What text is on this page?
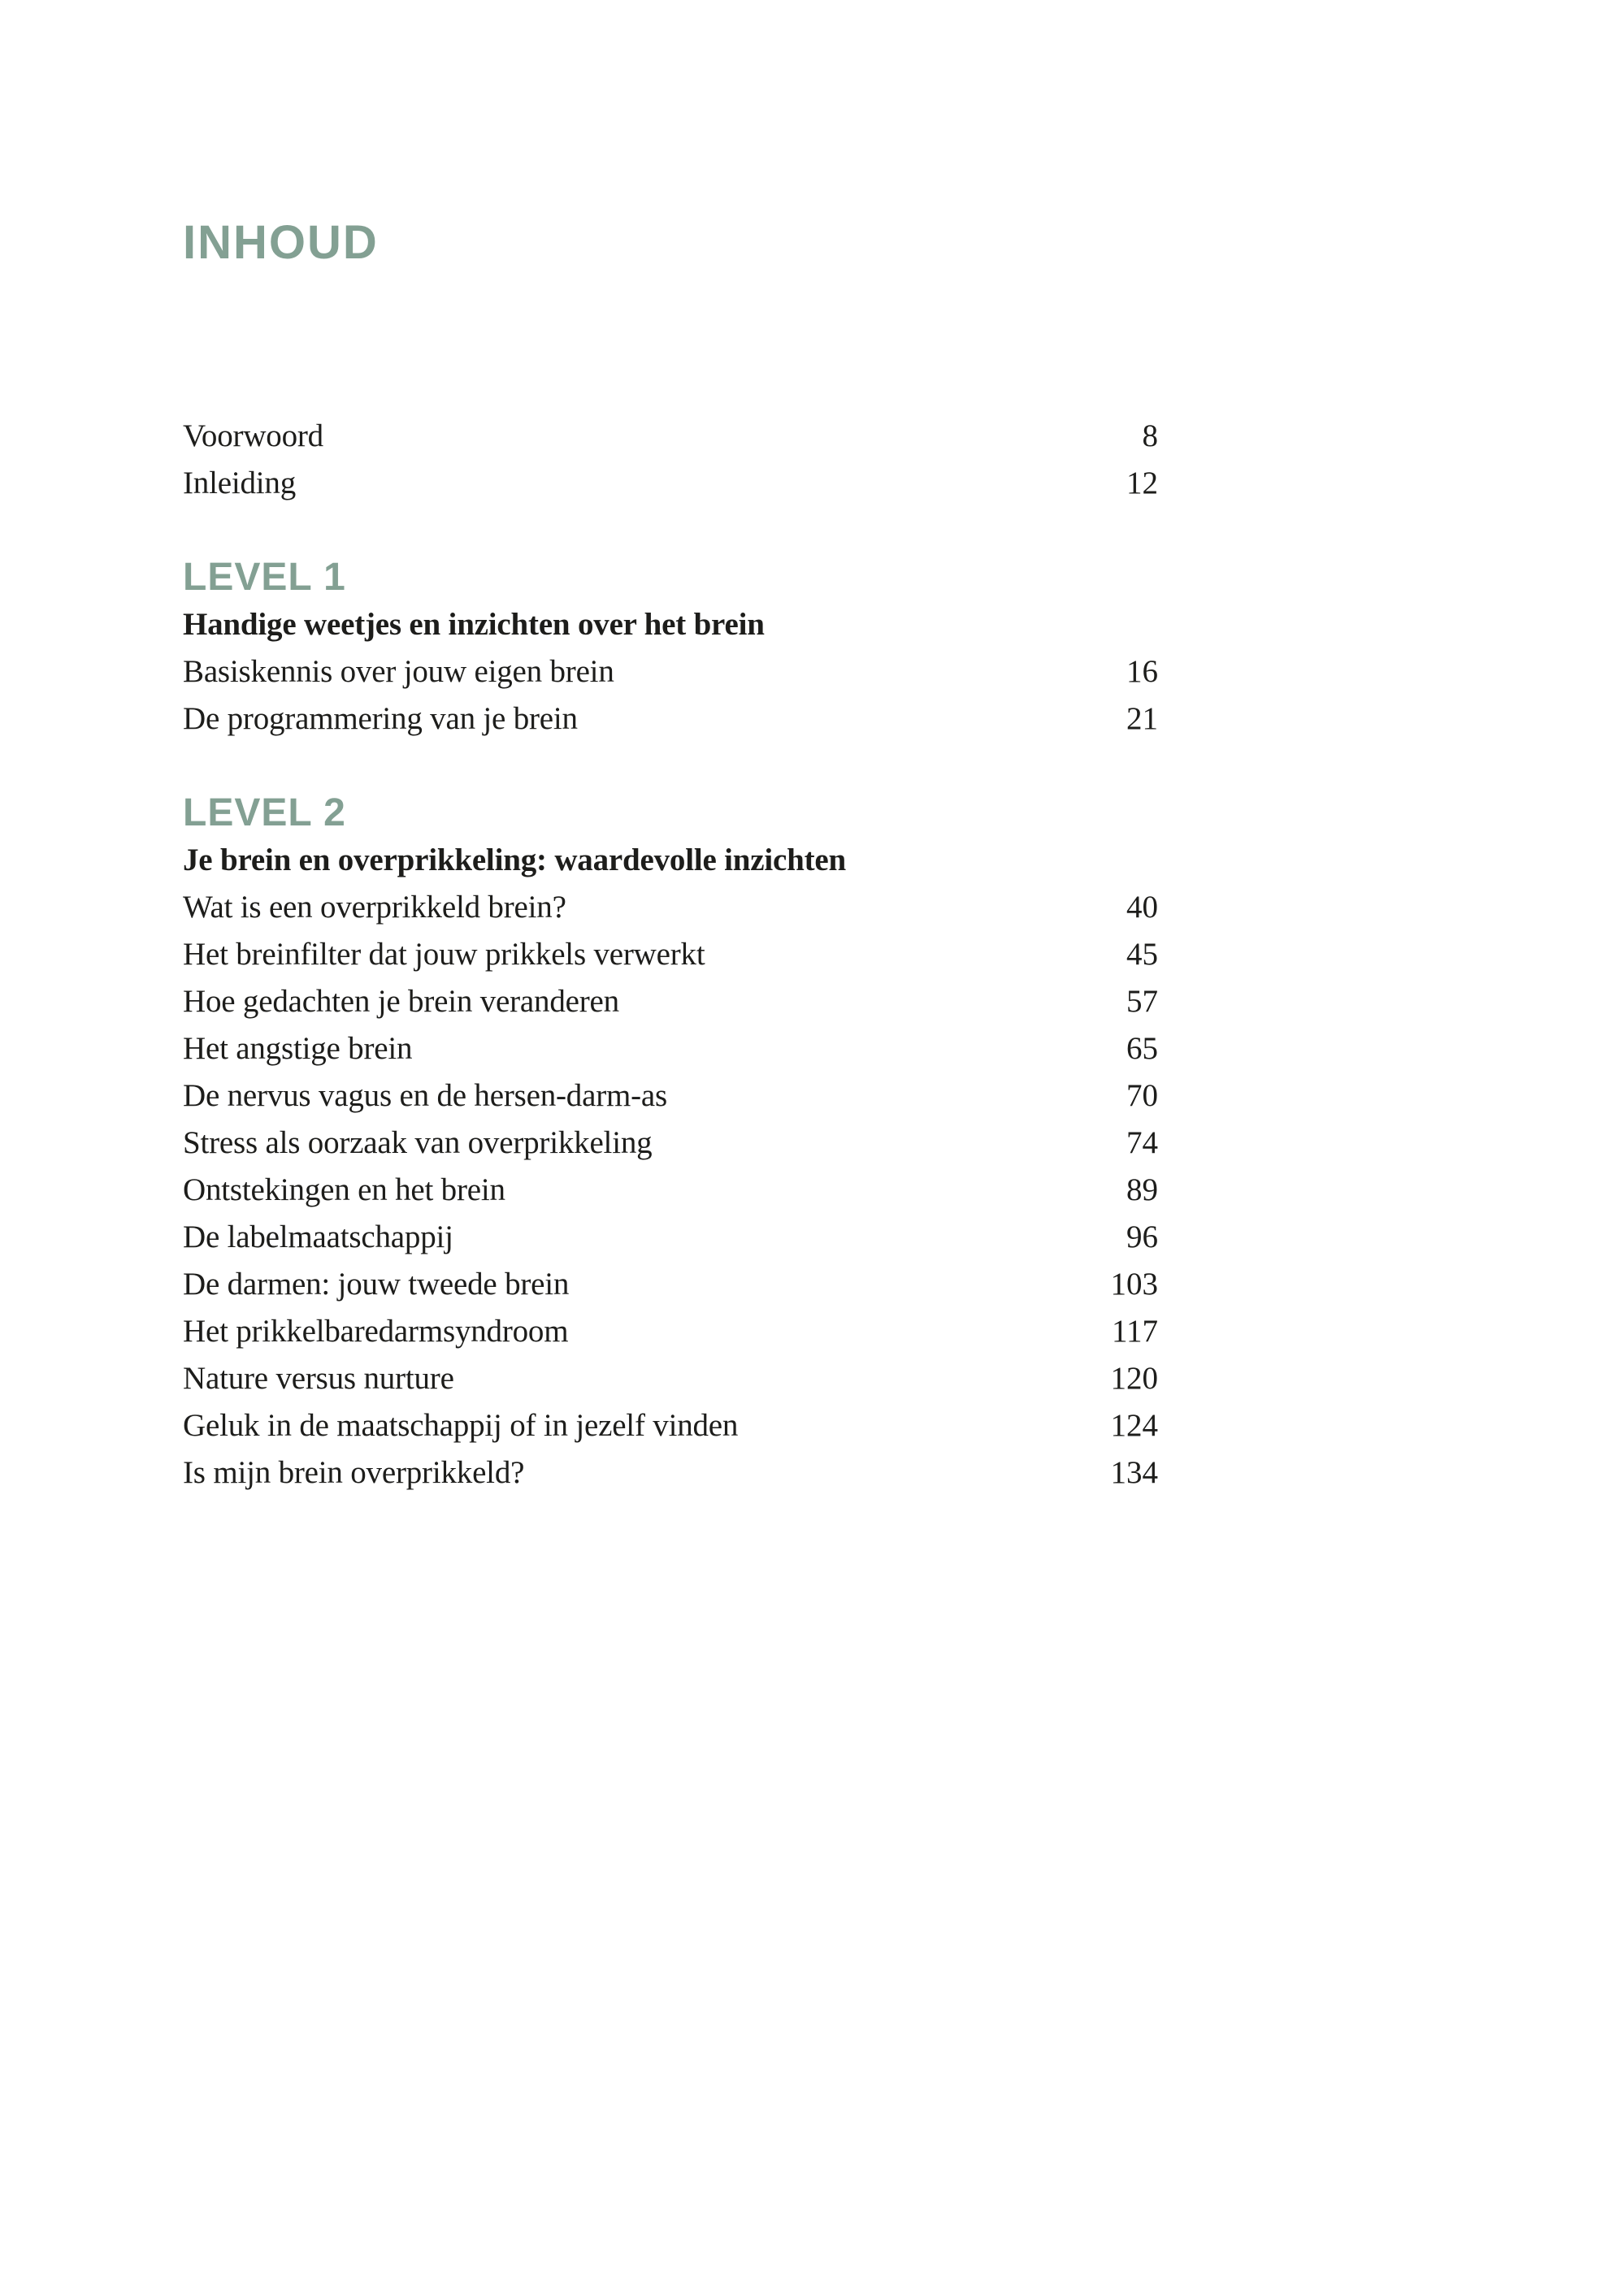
INHOUD
Voorwoord	8
Inleiding	12
LEVEL 1

Handige weetjes en inzichten over het brein

Basiskennis over jouw eigen brein	16
De programmering van je brein	21
LEVEL 2

Je brein en overprikkeling: waardevolle inzichten

Wat is een overprikkeld brein?	40
Het breinfilter dat jouw prikkels verwerkt	45
Hoe gedachten je brein veranderen	57
Het angstige brein	65
De nervus vagus en de hersen-darm-as	70
Stress als oorzaak van overprikkeling	74
Ontstekingen en het brein	89
De labelmaatschappij	96
De darmen: jouw tweede brein	103
Het prikkelbaredarmsyndroom	117
Nature versus nurture	120
Geluk in de maatschappij of in jezelf vinden	124
Is mijn brein overprikkeld?	134
